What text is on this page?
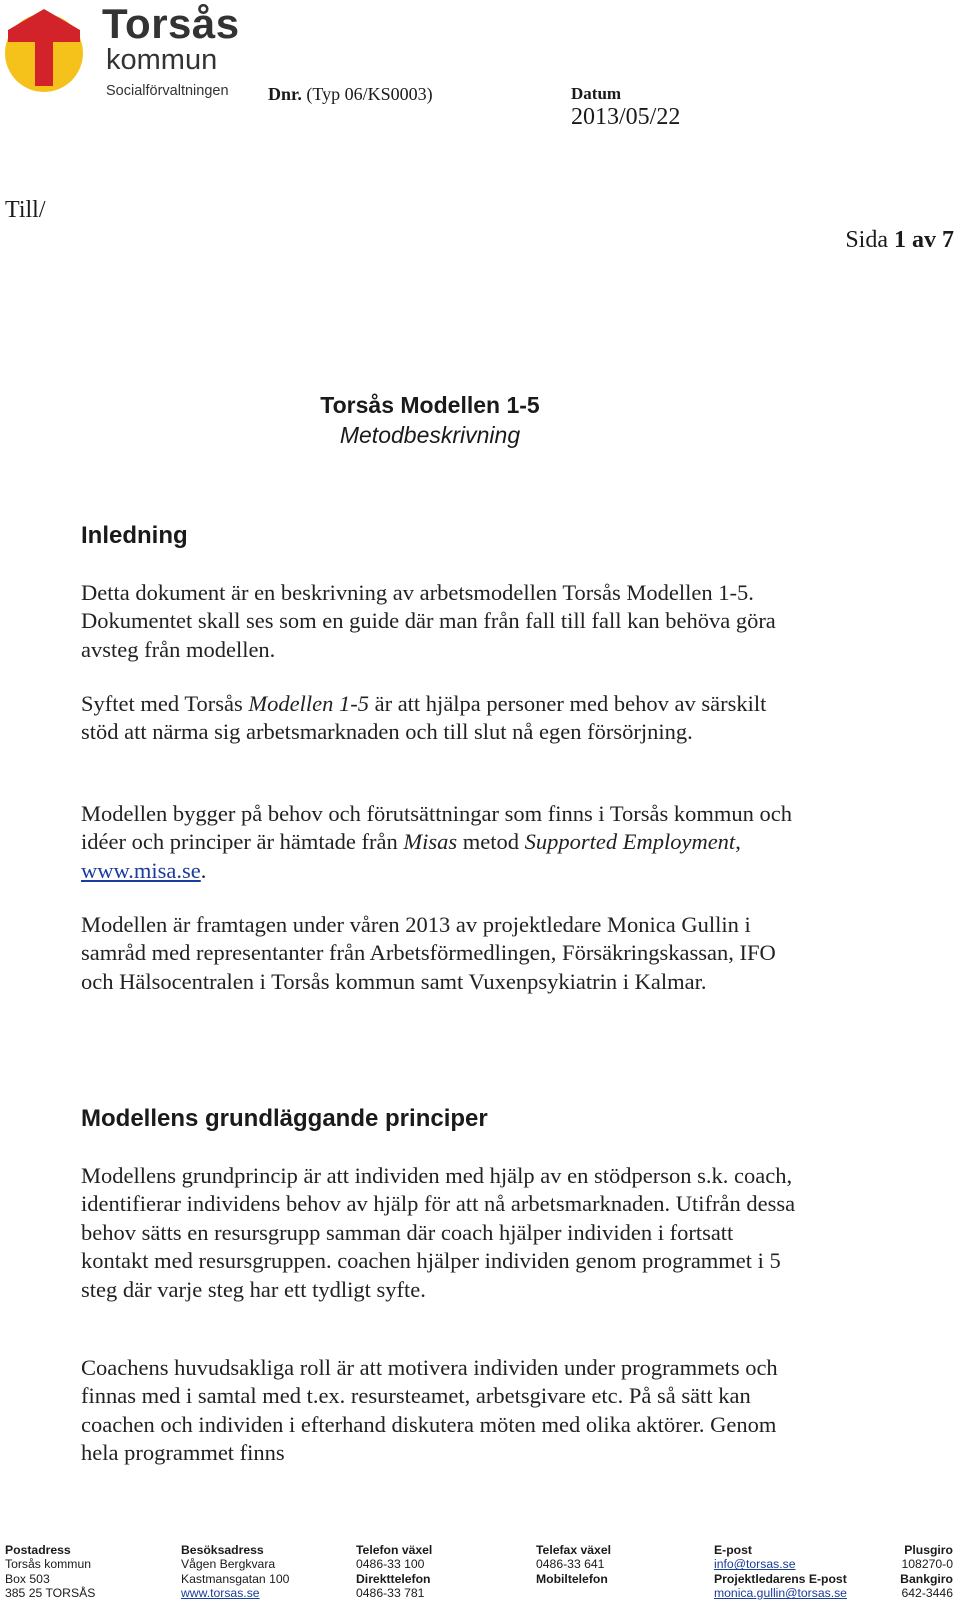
Torsås
kommun
Socialförvaltningen Dnr. (Typ 06/KS0003)	Datum
2013/05/22
Till/
Sida 1 av 7
Torsås Modellen 1-5
Metodbeskrivning
Inledning
Detta dokument är en beskrivning av arbetsmodellen Torsås Modellen 1-5. Dokumentet skall ses som en guide där man från fall till fall kan behöva göra avsteg från modellen.
Syftet med Torsås Modellen 1-5 är att hjälpa personer med behov av särskilt stöd att närma sig arbetsmarknaden och till slut nå egen försörjning.
Modellen bygger på behov och förutsättningar som finns i Torsås kommun och idéer och principer är hämtade från Misas metod Supported Employment, www.misa.se.
Modellen är framtagen under våren 2013 av projektledare Monica Gullin i samråd med representanter från Arbetsförmedlingen, Försäkringskassan, IFO och Hälsocentralen i Torsås kommun samt Vuxenpsykiatrin i Kalmar.
Modellens grundläggande principer
Modellens grundprincip är att individen med hjälp av en stödperson s.k. coach, identifierar individens behov av hjälp för att nå arbetsmarknaden. Utifrån dessa behov sätts en resursgrupp samman där coach hjälper individen i fortsatt kontakt med resursgruppen. coachen hjälper individen genom programmet i 5 steg där varje steg har ett tydligt syfte.
Coachens huvudsakliga roll är att motivera individen under programmets och finnas med i samtal med t.ex. resursteamet, arbetsgivare etc. På så sätt kan coachen och individen i efterhand diskutera möten med olika aktörer. Genom hela programmet finns
Postadress
Torsås kommun
Box 503
385 25 TORSÅS
Besöksadress
Vågen Bergkvara
Kastmansgatan 100
www.torsas.se
Telefon växel
0486-33 100
Direkttelefon
0486-33 781
Telefax växel
0486-33 641
Mobiltelefon
E-post
info@torsas.se
Projektledarens E-post
monica.gullin@torsas.se
Plusgiro
108270-0
Bankgiro
642-3446
